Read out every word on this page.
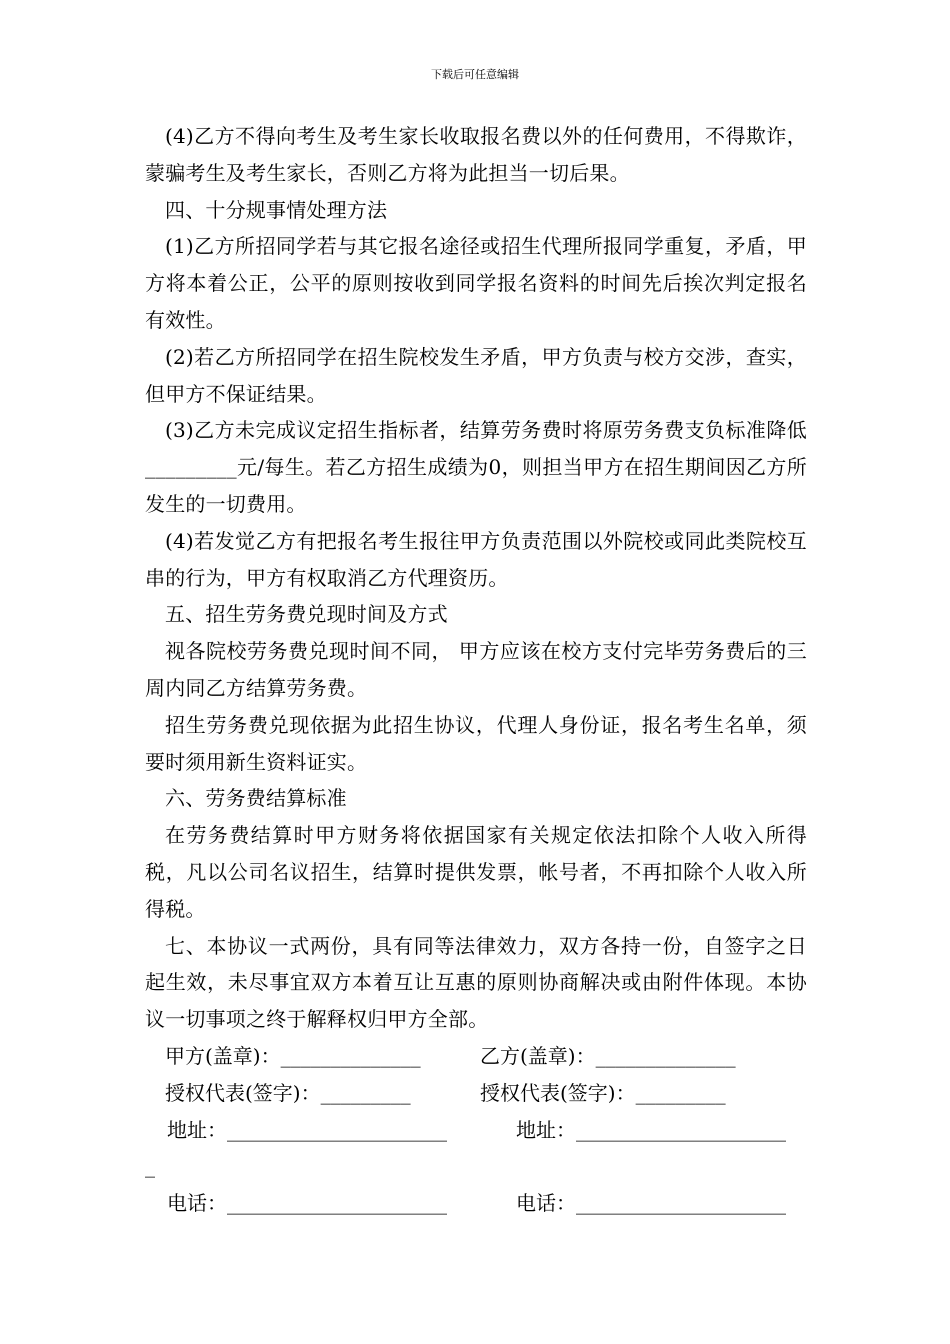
下载后可任意编辑

(4)乙方不得向考生及考生家长收取报名费以外的任何费用，不得欺诈，蒙骗考生及考生家长，否则乙方将为此担当一切后果。

四、十分规事情处理方法

(1)乙方所招同学若与其它报名途径或招生代理所报同学重复，矛盾，甲方将本着公正，公平的原则按收到同学报名资料的时间先后挨次判定报名有效性。

(2)若乙方所招同学在招生院校发生矛盾，甲方负责与校方交涉，查实，但甲方不保证结果。

(3)乙方未完成议定招生指标者，结算劳务费时将原劳务费支负标准降低_________元/每生。若乙方招生成绩为0，则担当甲方在招生期间因乙方所发生的一切费用。

(4)若发觉乙方有把报名考生报往甲方负责范围以外院校或同此类院校互串的行为，甲方有权取消乙方代理资历。

五、招生劳务费兑现时间及方式

视各院校劳务费兑现时间不同， 甲方应该在校方支付完毕劳务费后的三周内同乙方结算劳务费。

招生劳务费兑现依据为此招生协议，代理人身份证，报名考生名单，须要时须用新生资料证实。

六、劳务费结算标准

在劳务费结算时甲方财务将依据国家有关规定依法扣除个人收入所得税，凡以公司名议招生，结算时提供发票，帐号者，不再扣除个人收入所得税。

七、本协议一式两份，具有同等法律效力，双方各持一份，自签字之日起生效，未尽事宜双方本着互让互惠的原则协商解决或由附件体现。本协议一切事项之终于解释权归甲方全部。

甲方(盖章)：______________	乙方(盖章)：______________
授权代表(签字)：_________	授权代表(签字)：_________
地址：______________________	地址：_____________________
_
电话：______________________	电话：_____________________
